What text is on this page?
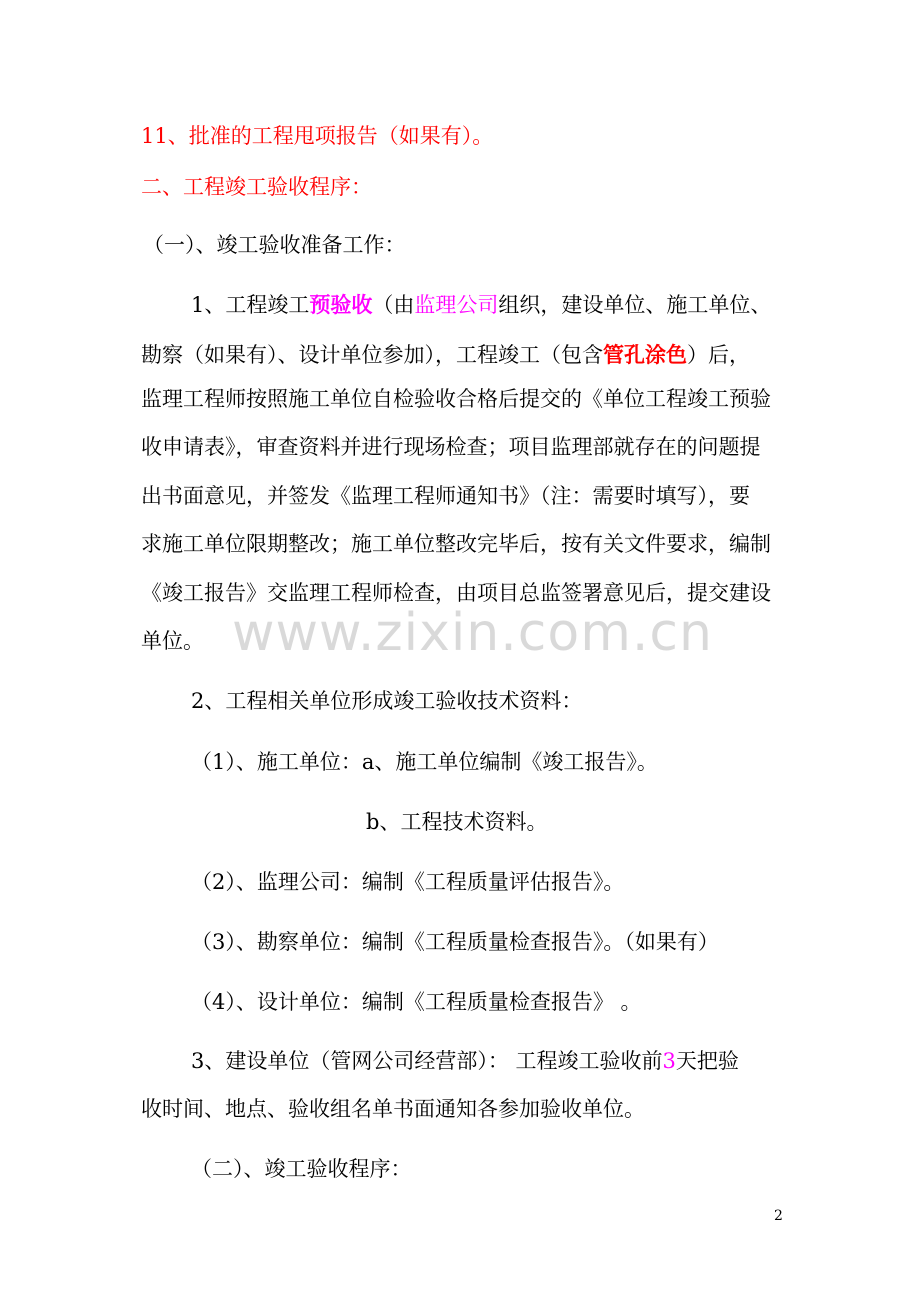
www.zixin.com.cn
11、批准的工程甩项报告（如果有）。
二、工程竣工验收程序：
（一）、竣工验收准备工作：
1、工程竣工预验收（由监理公司组织，建设单位、施工单位、
勘察（如果有）、设计单位参加），工程竣工（包含管孔涂色）后，
监理工程师按照施工单位自检验收合格后提交的《单位工程竣工预验
收申请表》，审查资料并进行现场检查；项目监理部就存在的问题提
出书面意见，并签发《监理工程师通知书》（注：需要时填写），要
求施工单位限期整改；施工单位整改完毕后，按有关文件要求，编制
《竣工报告》交监理工程师检查，由项目总监签署意见后，提交建设
单位。
2、工程相关单位形成竣工验收技术资料：
（1）、施工单位：a、施工单位编制《竣工报告》。
b、工程技术资料。
（2）、监理公司：编制《工程质量评估报告》。
（3）、勘察单位：编制《工程质量检查报告》。（如果有）
（4）、设计单位：编制《工程质量检查报告》 。
3、建设单位（管网公司经营部）： 工程竣工验收前3天把验
收时间、地点、验收组名单书面通知各参加验收单位。
（二）、竣工验收程序：
2
